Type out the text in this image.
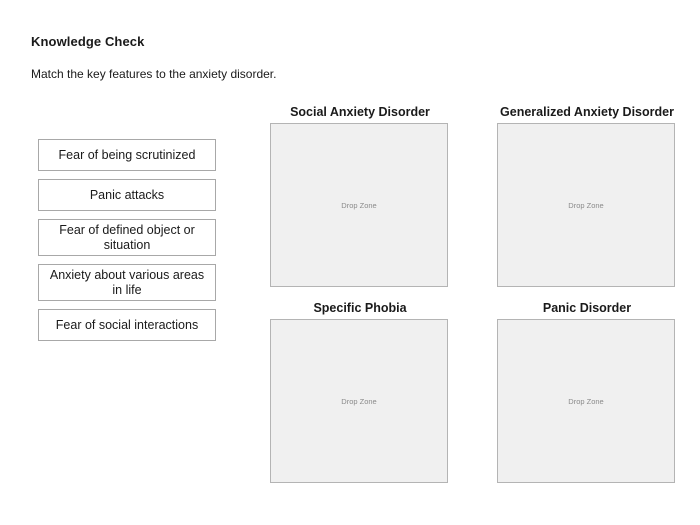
Knowledge Check
Match the key features to the anxiety disorder.
Fear of being scrutinized
Panic attacks
Fear of defined object or situation
Anxiety about various areas in life
Fear of social interactions
Social Anxiety Disorder
Drop Zone
Generalized Anxiety Disorder
Drop Zone
Specific Phobia
Drop Zone
Panic Disorder
Drop Zone
